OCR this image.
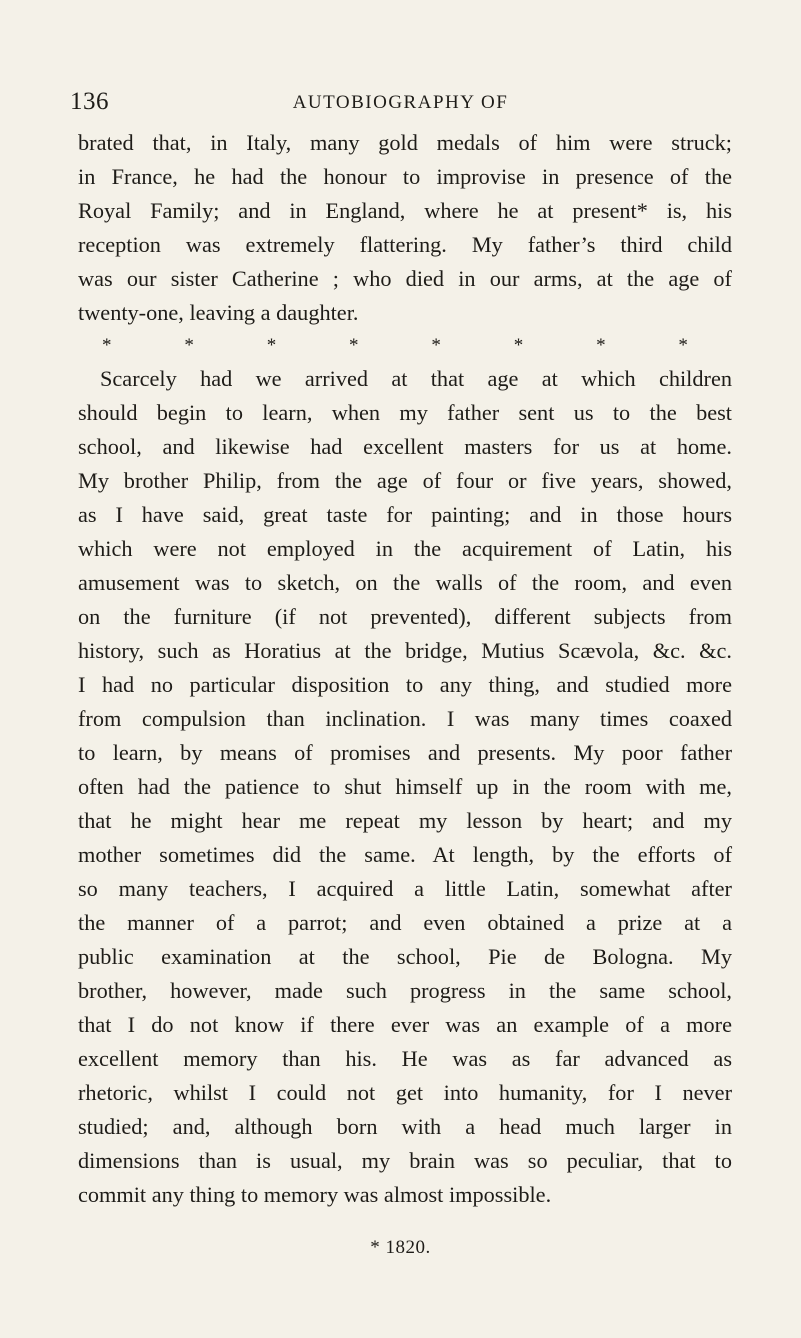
136	AUTOBIOGRAPHY OF
brated that, in Italy, many gold medals of him were struck;
in France, he had the honour to improvise in presence of the
Royal Family; and in England, where he at present* is, his
reception was extremely flattering. My father’s third child
was our sister Catherine ; who died in our arms, at the age of
twenty-one, leaving a daughter.
*	*	*	*	*	*	*	*
Scarcely had we arrived at that age at which children
should begin to learn, when my father sent us to the best
school, and likewise had excellent masters for us at home.
My brother Philip, from the age of four or five years, showed,
as I have said, great taste for painting; and in those hours
which were not employed in the acquirement of Latin, his
amusement was to sketch, on the walls of the room, and even
on the furniture (if not prevented), different subjects from
history, such as Horatius at the bridge, Mutius Scævola, &c. &c.
I had no particular disposition to any thing, and studied more
from compulsion than inclination. I was many times coaxed
to learn, by means of promises and presents. My poor father
often had the patience to shut himself up in the room with me,
that he might hear me repeat my lesson by heart; and my
mother sometimes did the same. At length, by the efforts of
so many teachers, I acquired a little Latin, somewhat after
the manner of a parrot; and even obtained a prize at a
public examination at the school, Pie de Bologna. My
brother, however, made such progress in the same school,
that I do not know if there ever was an example of a more
excellent memory than his. He was as far advanced as
rhetoric, whilst I could not get into humanity, for I never
studied; and, although born with a head much larger in
dimensions than is usual, my brain was so peculiar, that to
commit any thing to memory was almost impossible.
* 1820.
